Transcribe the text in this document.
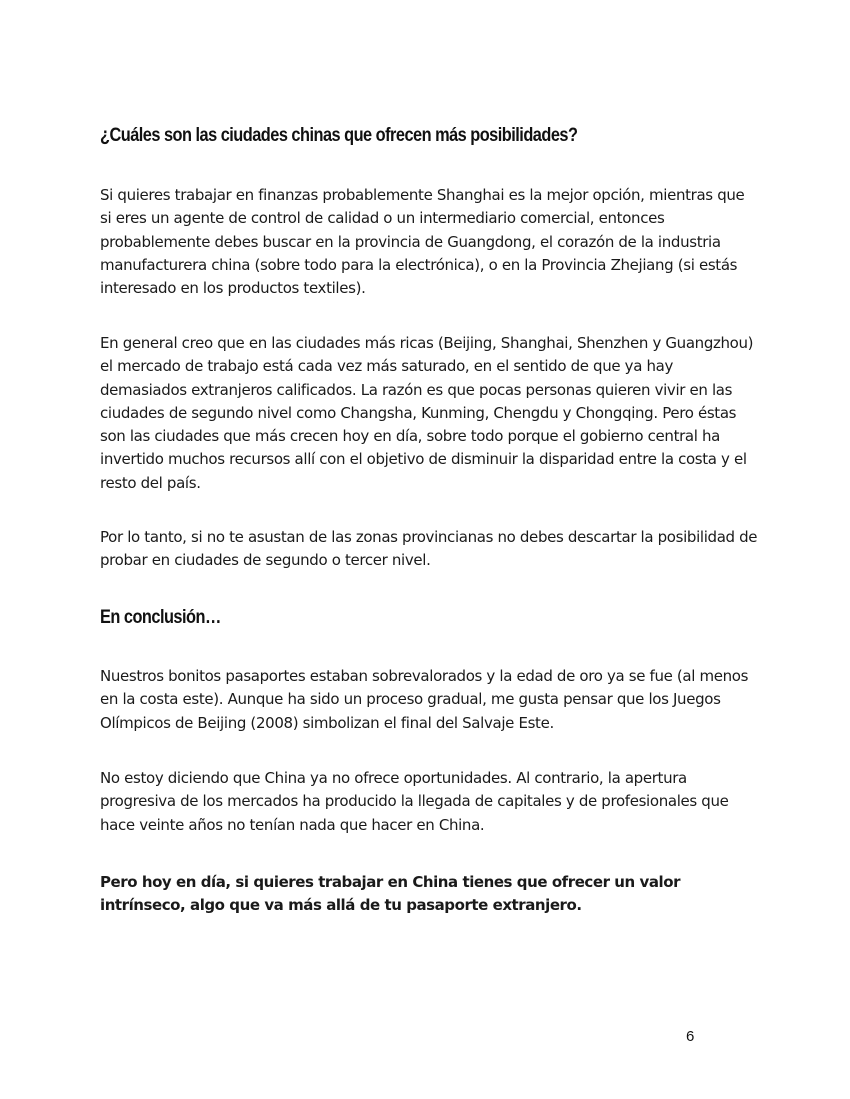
¿Cuáles son las ciudades chinas que ofrecen más posibilidades?

Si quieres trabajar en finanzas probablemente Shanghai es la mejor opción, mientras que si eres un agente de control de calidad o un intermediario comercial, entonces probablemente debes buscar en la provincia de Guangdong, el corazón de la industria manufacturera china (sobre todo para la electrónica), o en la Provincia Zhejiang (si estás interesado en los productos textiles).

En general creo que en las ciudades más ricas (Beijing, Shanghai, Shenzhen y Guangzhou) el mercado de trabajo está cada vez más saturado, en el sentido de que ya hay demasiados extranjeros calificados. La razón es que pocas personas quieren vivir en las ciudades de segundo nivel como Changsha, Kunming, Chengdu y Chongqing. Pero éstas son las ciudades que más crecen hoy en día, sobre todo porque el gobierno central ha invertido muchos recursos allí con el objetivo de disminuir la disparidad entre la costa y el resto del país.

Por lo tanto, si no te asustan de las zonas provincianas no debes descartar la posibilidad de probar en ciudades de segundo o tercer nivel.

En conclusión…

Nuestros bonitos pasaportes estaban sobrevalorados y la edad de oro ya se fue (al menos en la costa este). Aunque ha sido un proceso gradual, me gusta pensar que los Juegos Olímpicos de Beijing (2008) simbolizan el final del Salvaje Este.

No estoy diciendo que China ya no ofrece oportunidades. Al contrario, la apertura progresiva de los mercados ha producido la llegada de capitales y de profesionales que hace veinte años no tenían nada que hacer en China.

Pero hoy en día, si quieres trabajar en China tienes que ofrecer un valor intrínseco, algo que va más allá de tu pasaporte extranjero.

6
